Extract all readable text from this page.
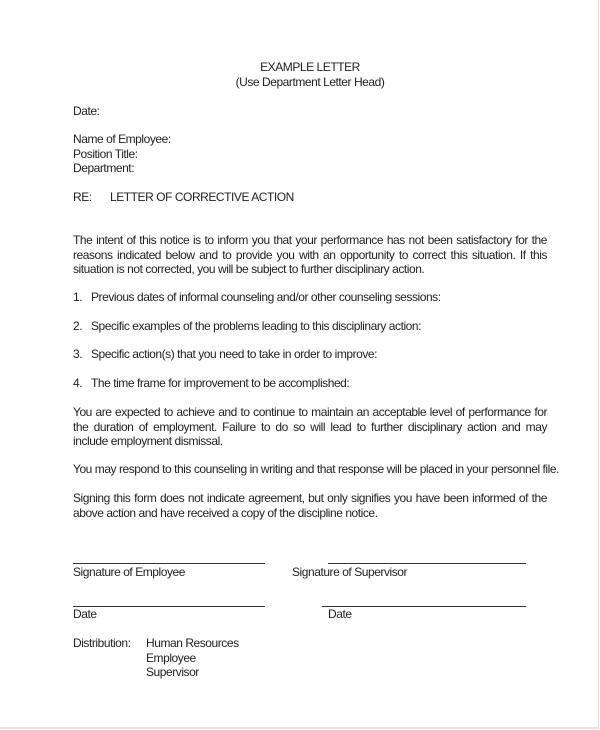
EXAMPLE LETTER
(Use Department Letter Head)
Date:
Name of Employee:
Position Title:
Department:
RE: LETTER OF CORRECTIVE ACTION
The intent of this notice is to inform you that your performance has not been satisfactory for the reasons indicated below and to provide you with an opportunity to correct this situation. If this situation is not corrected, you will be subject to further disciplinary action.
1. Previous dates of informal counseling and/or other counseling sessions:
2. Specific examples of the problems leading to this disciplinary action:
3. Specific action(s) that you need to take in order to improve:
4. The time frame for improvement to be accomplished:
You are expected to achieve and to continue to maintain an acceptable level of performance for the duration of employment. Failure to do so will lead to further disciplinary action and may include employment dismissal.
You may respond to this counseling in writing and that response will be placed in your personnel file.
Signing this form does not indicate agreement, but only signifies you have been informed of the above action and have received a copy of the discipline notice.
Signature of Employee	Signature of Supervisor
Date	Date
Distribution: Human Resources
Employee
Supervisor
